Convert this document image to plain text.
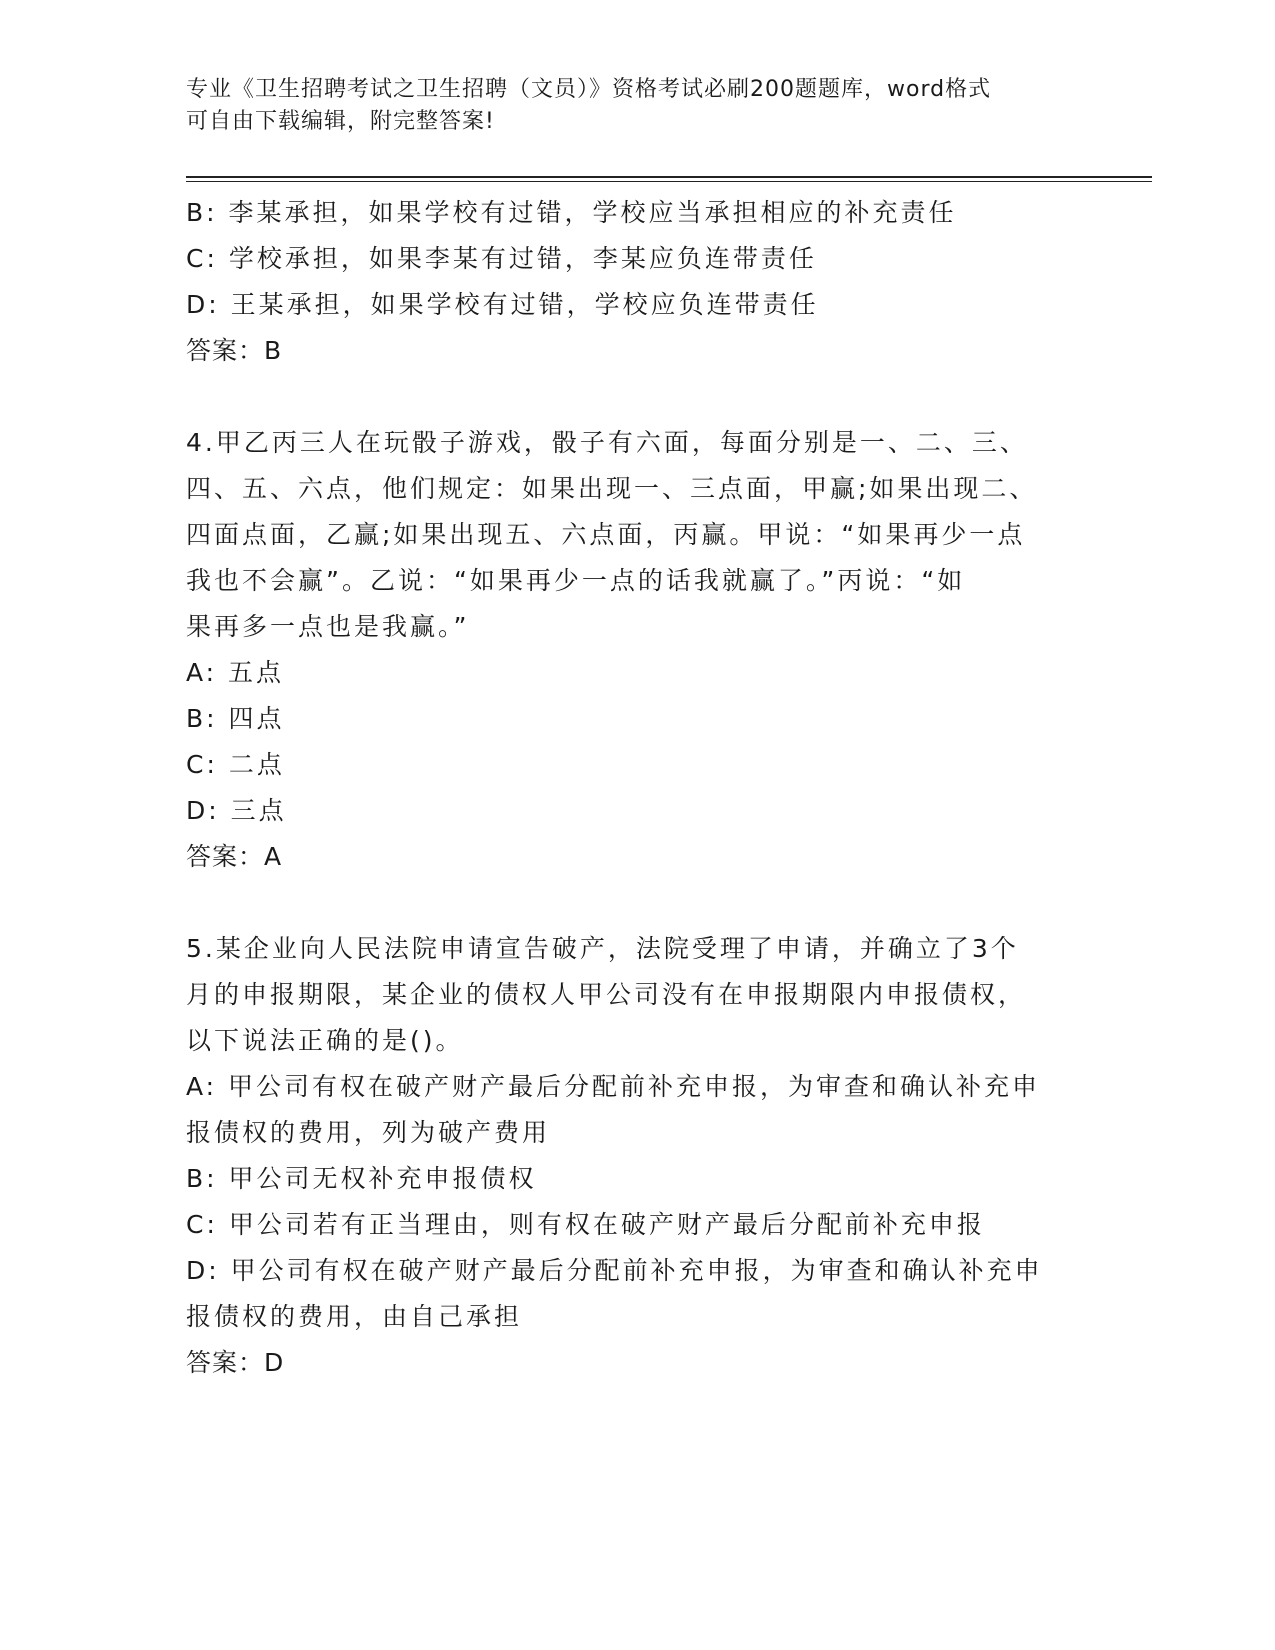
专业《卫生招聘考试之卫生招聘（文员）》资格考试必刷200题题库，word格式
可自由下载编辑，附完整答案!
B: 李某承担，如果学校有过错，学校应当承担相应的补充责任
C: 学校承担，如果李某有过错，李某应负连带责任
D: 王某承担，如果学校有过错，学校应负连带责任
答案：B
4.甲乙丙三人在玩骰子游戏，骰子有六面，每面分别是一、二、三、
四、五、六点，他们规定：如果出现一、三点面，甲赢;如果出现二、
四面点面，乙赢;如果出现五、六点面，丙赢。甲说：“如果再少一点
我也不会赢”。乙说：“如果再少一点的话我就赢了。”丙说：“如
果再多一点也是我赢。”
A: 五点
B: 四点
C: 二点
D: 三点
答案：A
5.某企业向人民法院申请宣告破产，法院受理了申请，并确立了3个
月的申报期限，某企业的债权人甲公司没有在申报期限内申报债权，
以下说法正确的是()。
A: 甲公司有权在破产财产最后分配前补充申报，为审查和确认补充申
报债权的费用，列为破产费用
B: 甲公司无权补充申报债权
C: 甲公司若有正当理由，则有权在破产财产最后分配前补充申报
D: 甲公司有权在破产财产最后分配前补充申报，为审查和确认补充申
报债权的费用，由自己承担
答案：D
